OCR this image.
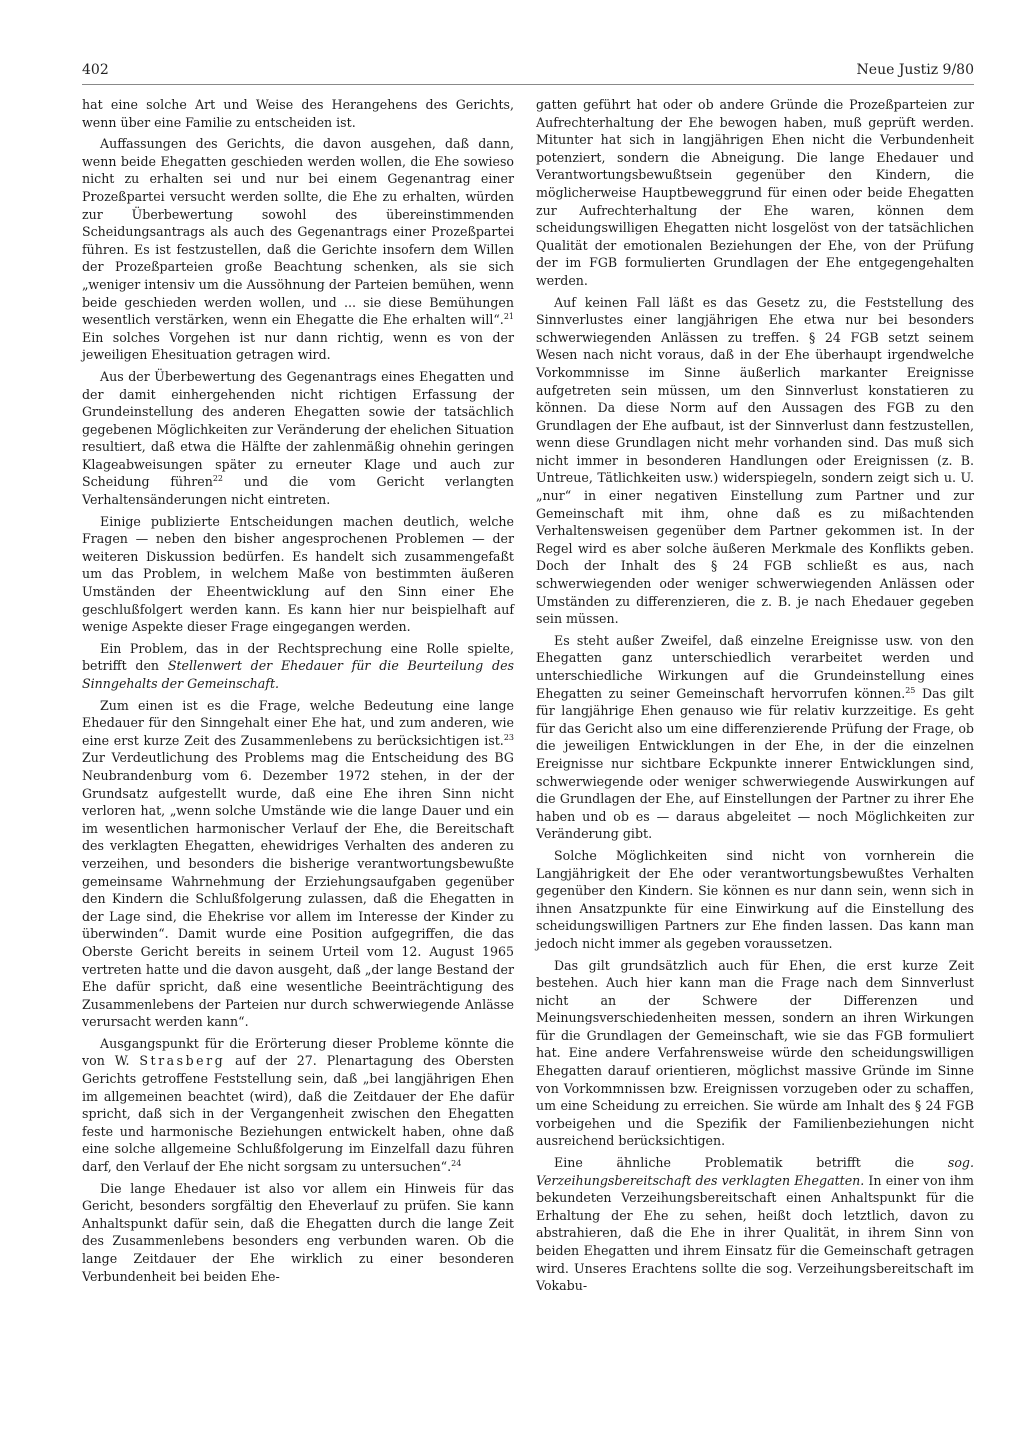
402	Neue Justiz 9/80

hat eine solche Art und Weise des Herangehens des Gerichts, wenn über eine Familie zu entscheiden ist.

Auffassungen des Gerichts, die davon ausgehen, daß dann, wenn beide Ehegatten geschieden werden wollen, die Ehe sowieso nicht zu erhalten sei und nur bei einem Gegenantrag einer Prozeßpartei versucht werden sollte, die Ehe zu erhalten, würden zur Überbewertung sowohl des übereinstimmenden Scheidungsantrags als auch des Gegenantrags einer Prozeßpartei führen. Es ist festzustellen, daß die Gerichte insofern dem Willen der Prozeßparteien große Beachtung schenken, als sie sich „weniger intensiv um die Aussöhnung der Parteien bemühen, wenn beide geschieden werden wollen, und ... sie diese Bemühungen wesentlich verstärken, wenn ein Ehegatte die Ehe erhalten will“.$^{21}$ Ein solches Vorgehen ist nur dann richtig, wenn es von der jeweiligen Ehesituation getragen wird.

Aus der Überbewertung des Gegenantrags eines Ehegatten und der damit einhergehenden nicht richtigen Erfassung der Grundeinstellung des anderen Ehegatten sowie der tatsächlich gegebenen Möglichkeiten zur Veränderung der ehelichen Situation resultiert, daß etwa die Hälfte der zahlenmäßig ohnehin geringen Klageabweisungen später zu erneuter Klage und auch zur Scheidung führen$^{22}$ und die vom Gericht verlangten Verhaltensänderungen nicht eintreten.

Einige publizierte Entscheidungen machen deutlich, welche Fragen — neben den bisher angesprochenen Problemen — der weiteren Diskussion bedürfen. Es handelt sich zusammengefaßt um das Problem, in welchem Maße von bestimmten äußeren Umständen der Eheentwicklung auf den Sinn einer Ehe geschlußfolgert werden kann. Es kann hier nur beispielhaft auf wenige Aspekte dieser Frage eingegangen werden.

Ein Problem, das in der Rechtsprechung eine Rolle spielte, betrifft den Stellenwert der Ehedauer für die Beurteilung des Sinngehalts der Gemeinschaft.

Zum einen ist es die Frage, welche Bedeutung eine lange Ehedauer für den Sinngehalt einer Ehe hat, und zum anderen, wie eine erst kurze Zeit des Zusammenlebens zu berücksichtigen ist.$^{23}$ Zur Verdeutlichung des Problems mag die Entscheidung des BG Neubrandenburg vom 6. Dezember 1972 stehen, in der der Grundsatz aufgestellt wurde, daß eine Ehe ihren Sinn nicht verloren hat, „wenn solche Umstände wie die lange Dauer und ein im wesentlichen harmonischer Verlauf der Ehe, die Bereitschaft des verklagten Ehegatten, ehewidriges Verhalten des anderen zu verzeihen, und besonders die bisherige verantwortungsbewußte gemeinsame Wahrnehmung der Erziehungsaufgaben gegenüber den Kindern die Schlußfolgerung zulassen, daß die Ehegatten in der Lage sind, die Ehekrise vor allem im Interesse der Kinder zu überwinden“. Damit wurde eine Position aufgegriffen, die das Oberste Gericht bereits in seinem Urteil vom 12. August 1965 vertreten hatte und die davon ausgeht, daß „der lange Bestand der Ehe dafür spricht, daß eine wesentliche Beeinträchtigung des Zusammenlebens der Parteien nur durch schwerwiegende Anlässe verursacht werden kann“.

Ausgangspunkt für die Erörterung dieser Probleme könnte die von W. Strasberg auf der 27. Plenartagung des Obersten Gerichts getroffene Feststellung sein, daß „bei langjährigen Ehen im allgemeinen beachtet (wird), daß die Zeitdauer der Ehe dafür spricht, daß sich in der Vergangenheit zwischen den Ehegatten feste und harmonische Beziehungen entwickelt haben, ohne daß eine solche allgemeine Schlußfolgerung im Einzelfall dazu führen darf, den Verlauf der Ehe nicht sorgsam zu untersuchen“.$^{24}$

Die lange Ehedauer ist also vor allem ein Hinweis für das Gericht, besonders sorgfältig den Eheverlauf zu prüfen. Sie kann Anhaltspunkt dafür sein, daß die Ehegatten durch die lange Zeit des Zusammenlebens besonders eng verbunden waren. Ob die lange Zeitdauer der Ehe wirklich zu einer besonderen Verbundenheit bei beiden Ehe-

gatten geführt hat oder ob andere Gründe die Prozeßparteien zur Aufrechterhaltung der Ehe bewogen haben, muß geprüft werden. Mitunter hat sich in langjährigen Ehen nicht die Verbundenheit potenziert, sondern die Abneigung. Die lange Ehedauer und Verantwortungsbewußtsein gegenüber den Kindern, die möglicherweise Hauptbeweggrund für einen oder beide Ehegatten zur Aufrechterhaltung der Ehe waren, können dem scheidungswilligen Ehegatten nicht losgelöst von der tatsächlichen Qualität der emotionalen Beziehungen der Ehe, von der Prüfung der im FGB formulierten Grundlagen der Ehe entgegengehalten werden.

Auf keinen Fall läßt es das Gesetz zu, die Feststellung des Sinnverlustes einer langjährigen Ehe etwa nur bei besonders schwerwiegenden Anlässen zu treffen. § 24 FGB setzt seinem Wesen nach nicht voraus, daß in der Ehe überhaupt irgendwelche Vorkommnisse im Sinne äußerlich markanter Ereignisse aufgetreten sein müssen, um den Sinnverlust konstatieren zu können. Da diese Norm auf den Aussagen des FGB zu den Grundlagen der Ehe aufbaut, ist der Sinnverlust dann festzustellen, wenn diese Grundlagen nicht mehr vorhanden sind. Das muß sich nicht immer in besonderen Handlungen oder Ereignissen (z. B. Untreue, Tätlichkeiten usw.) widerspiegeln, sondern zeigt sich u. U. „nur“ in einer negativen Einstellung zum Partner und zur Gemeinschaft mit ihm, ohne daß es zu mißachtenden Verhaltensweisen gegenüber dem Partner gekommen ist. In der Regel wird es aber solche äußeren Merkmale des Konflikts geben. Doch der Inhalt des § 24 FGB schließt es aus, nach schwerwiegenden oder weniger schwerwiegenden Anlässen oder Umständen zu differenzieren, die z. B. je nach Ehedauer gegeben sein müssen.

Es steht außer Zweifel, daß einzelne Ereignisse usw. von den Ehegatten ganz unterschiedlich verarbeitet werden und unterschiedliche Wirkungen auf die Grundeinstellung eines Ehegatten zu seiner Gemeinschaft hervorrufen können.$^{25}$ Das gilt für langjährige Ehen genauso wie für relativ kurzzeitige. Es geht für das Gericht also um eine differenzierende Prüfung der Frage, ob die jeweiligen Entwicklungen in der Ehe, in der die einzelnen Ereignisse nur sichtbare Eckpunkte innerer Entwicklungen sind, schwerwiegende oder weniger schwerwiegende Auswirkungen auf die Grundlagen der Ehe, auf Einstellungen der Partner zu ihrer Ehe haben und ob es — daraus abgeleitet — noch Möglichkeiten zur Veränderung gibt.

Solche Möglichkeiten sind nicht von vornherein die Langjährigkeit der Ehe oder verantwortungsbewußtes Verhalten gegenüber den Kindern. Sie können es nur dann sein, wenn sich in ihnen Ansatzpunkte für eine Einwirkung auf die Einstellung des scheidungswilligen Partners zur Ehe finden lassen. Das kann man jedoch nicht immer als gegeben voraussetzen.

Das gilt grundsätzlich auch für Ehen, die erst kurze Zeit bestehen. Auch hier kann man die Frage nach dem Sinnverlust nicht an der Schwere der Differenzen und Meinungsverschiedenheiten messen, sondern an ihren Wirkungen für die Grundlagen der Gemeinschaft, wie sie das FGB formuliert hat. Eine andere Verfahrensweise würde den scheidungswilligen Ehegatten darauf orientieren, möglichst massive Gründe im Sinne von Vorkommnissen bzw. Ereignissen vorzugeben oder zu schaffen, um eine Scheidung zu erreichen. Sie würde am Inhalt des § 24 FGB vorbeigehen und die Spezifik der Familienbeziehungen nicht ausreichend berücksichtigen.

Eine ähnliche Problematik betrifft die sog. Verzeihungsbereitschaft des verklagten Ehegatten. In einer von ihm bekundeten Verzeihungsbereitschaft einen Anhaltspunkt für die Erhaltung der Ehe zu sehen, heißt doch letztlich, davon zu abstrahieren, daß die Ehe in ihrer Qualität, in ihrem Sinn von beiden Ehegatten und ihrem Einsatz für die Gemeinschaft getragen wird. Unseres Erachtens sollte die sog. Verzeihungsbereitschaft im Vokabu-
